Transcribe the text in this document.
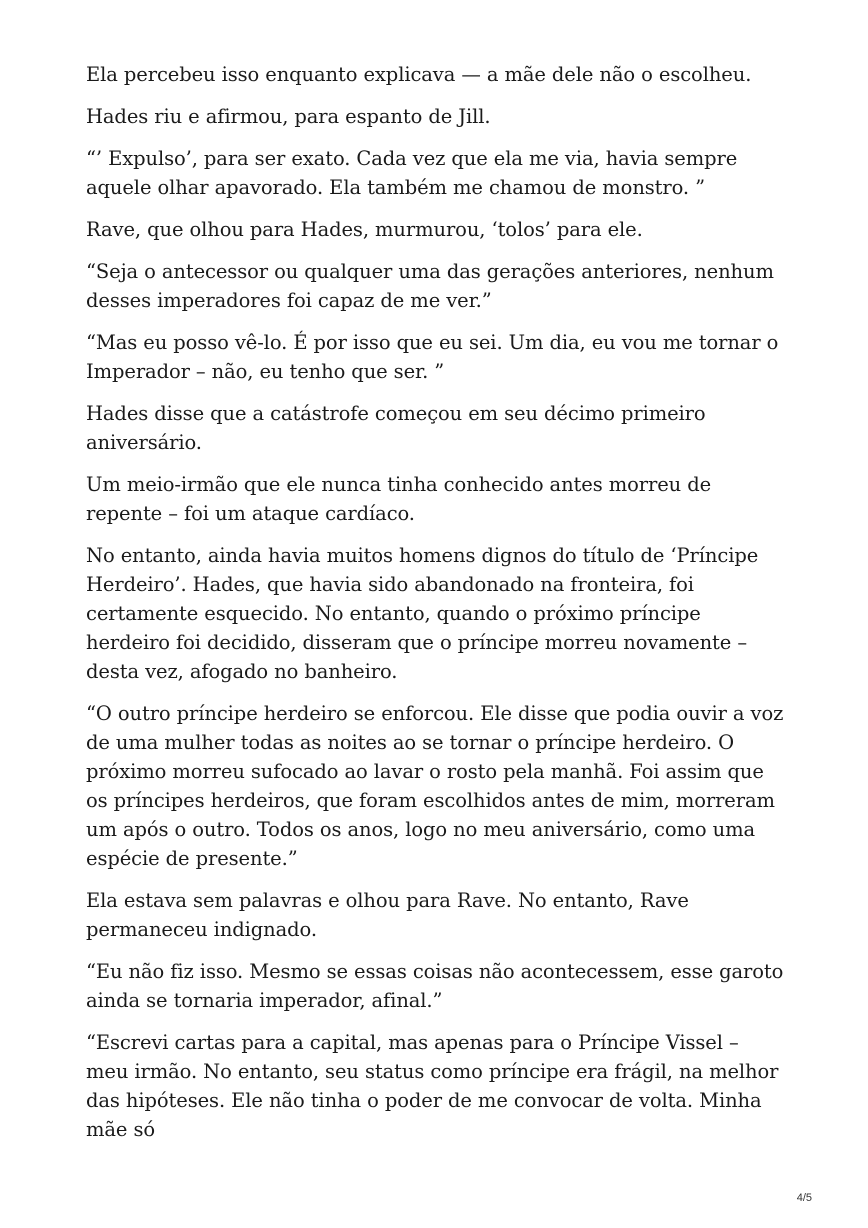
Ela percebeu isso enquanto explicava — a mãe dele não o escolheu.

Hades riu e afirmou, para espanto de Jill.

“’ Expulso’, para ser exato. Cada vez que ela me via, havia sempre aquele olhar apavorado. Ela também me chamou de monstro. ”

Rave, que olhou para Hades, murmurou, ‘tolos’ para ele.

“Seja o antecessor ou qualquer uma das gerações anteriores, nenhum desses imperadores foi capaz de me ver.”

“Mas eu posso vê-lo. É por isso que eu sei. Um dia, eu vou me tornar o Imperador – não, eu tenho que ser. ”

Hades disse que a catástrofe começou em seu décimo primeiro aniversário.

Um meio-irmão que ele nunca tinha conhecido antes morreu de repente – foi um ataque cardíaco.

No entanto, ainda havia muitos homens dignos do título de ‘Príncipe Herdeiro’. Hades, que havia sido abandonado na fronteira, foi certamente esquecido. No entanto, quando o próximo príncipe herdeiro foi decidido, disseram que o príncipe morreu novamente – desta vez, afogado no banheiro.

“O outro príncipe herdeiro se enforcou. Ele disse que podia ouvir a voz de uma mulher todas as noites ao se tornar o príncipe herdeiro. O próximo morreu sufocado ao lavar o rosto pela manhã. Foi assim que os príncipes herdeiros, que foram escolhidos antes de mim, morreram um após o outro. Todos os anos, logo no meu aniversário, como uma espécie de presente.”

Ela estava sem palavras e olhou para Rave. No entanto, Rave permaneceu indignado.

“Eu não fiz isso. Mesmo se essas coisas não acontecessem, esse garoto ainda se tornaria imperador, afinal.”

“Escrevi cartas para a capital, mas apenas para o Príncipe Vissel – meu irmão. No entanto, seu status como príncipe era frágil, na melhor das hipóteses. Ele não tinha o poder de me convocar de volta. Minha mãe só

4/5
